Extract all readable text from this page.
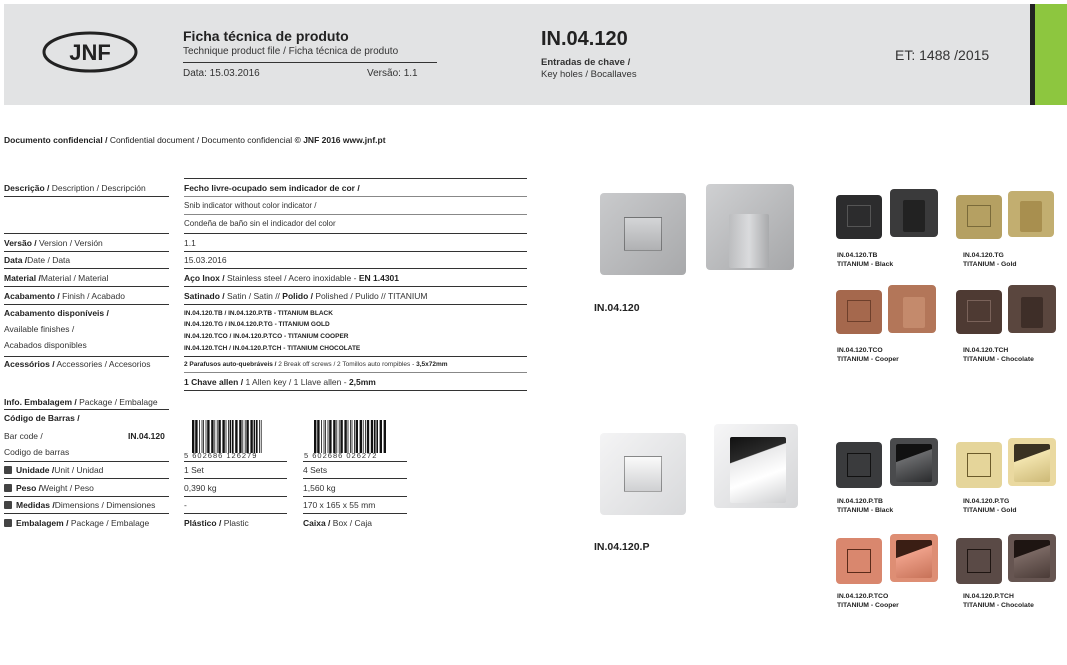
JNF
Ficha técnica de produto
Technique product file / Ficha técnica de produto
Data: 15.03.2016	Versão: 1.1
IN.04.120
Entradas de chave /
Key holes / Bocallaves
ET: 1488 /2015
Documento confidencial / Confidential document / Documento confidencial © JNF 2016 www.jnf.pt
Descrição / Description / Descripción	Fecho livre-ocupado sem indicador de cor /
Snib indicator without color indicator /
Condeña de baño sin el indicador del color
Versão / Version / Versión	1.1
Data /Date / Data	15.03.2016
Material /Material / Material	Aço Inox / Stainless steel / Acero inoxidable - EN 1.4301
Acabamento / Finish / Acabado	Satinado / Satin / Satin // Polido / Polished / Pulido // TITANIUM
Acabamento disponíveis /
Available finishes /
Acabados disponibles
IN.04.120.TB / IN.04.120.P.TB - TITANIUM BLACK
IN.04.120.TG / IN.04.120.P.TG - TITANIUM GOLD
IN.04.120.TCO / IN.04.120.P.TCO - TITANIUM COOPER
IN.04.120.TCH / IN.04.120.P.TCH - TITANIUM CHOCOLATE
Acessórios / Accessories / Accesorios	2 Parafusos auto-quebráveis / 2 Break off screws / 2 Tomillos auto rompibles - 3,5x72mm
1 Chave allen / 1 Allen key / 1 Llave allen - 2,5mm
Info. Embalagem / Package / Embalage
Código de Barras /
Bar code /	IN.04.120
Codigo de barras	5 602686 126279	5 602686 026272
Unidade /Unit / Unidad	1 Set	4 Sets
Peso /Weight / Peso	0,390 kg	1,560 kg
Medidas /Dimensions / Dimensiones	-	170 x 165 x 55 mm
Embalagem / Package / Embalage	Plástico / Plastic	Caixa / Box / Caja
IN.04.120
IN.04.120.P
IN.04.120.TB
TITANIUM - Black
IN.04.120.TG
TITANIUM - Gold
IN.04.120.TCO
TITANIUM - Cooper
IN.04.120.TCH
TITANIUM - Chocolate
IN.04.120.P.TB
TITANIUM - Black
IN.04.120.P.TG
TITANIUM - Gold
IN.04.120.P.TCO
TITANIUM - Cooper
IN.04.120.P.TCH
TITANIUM - Chocolate
